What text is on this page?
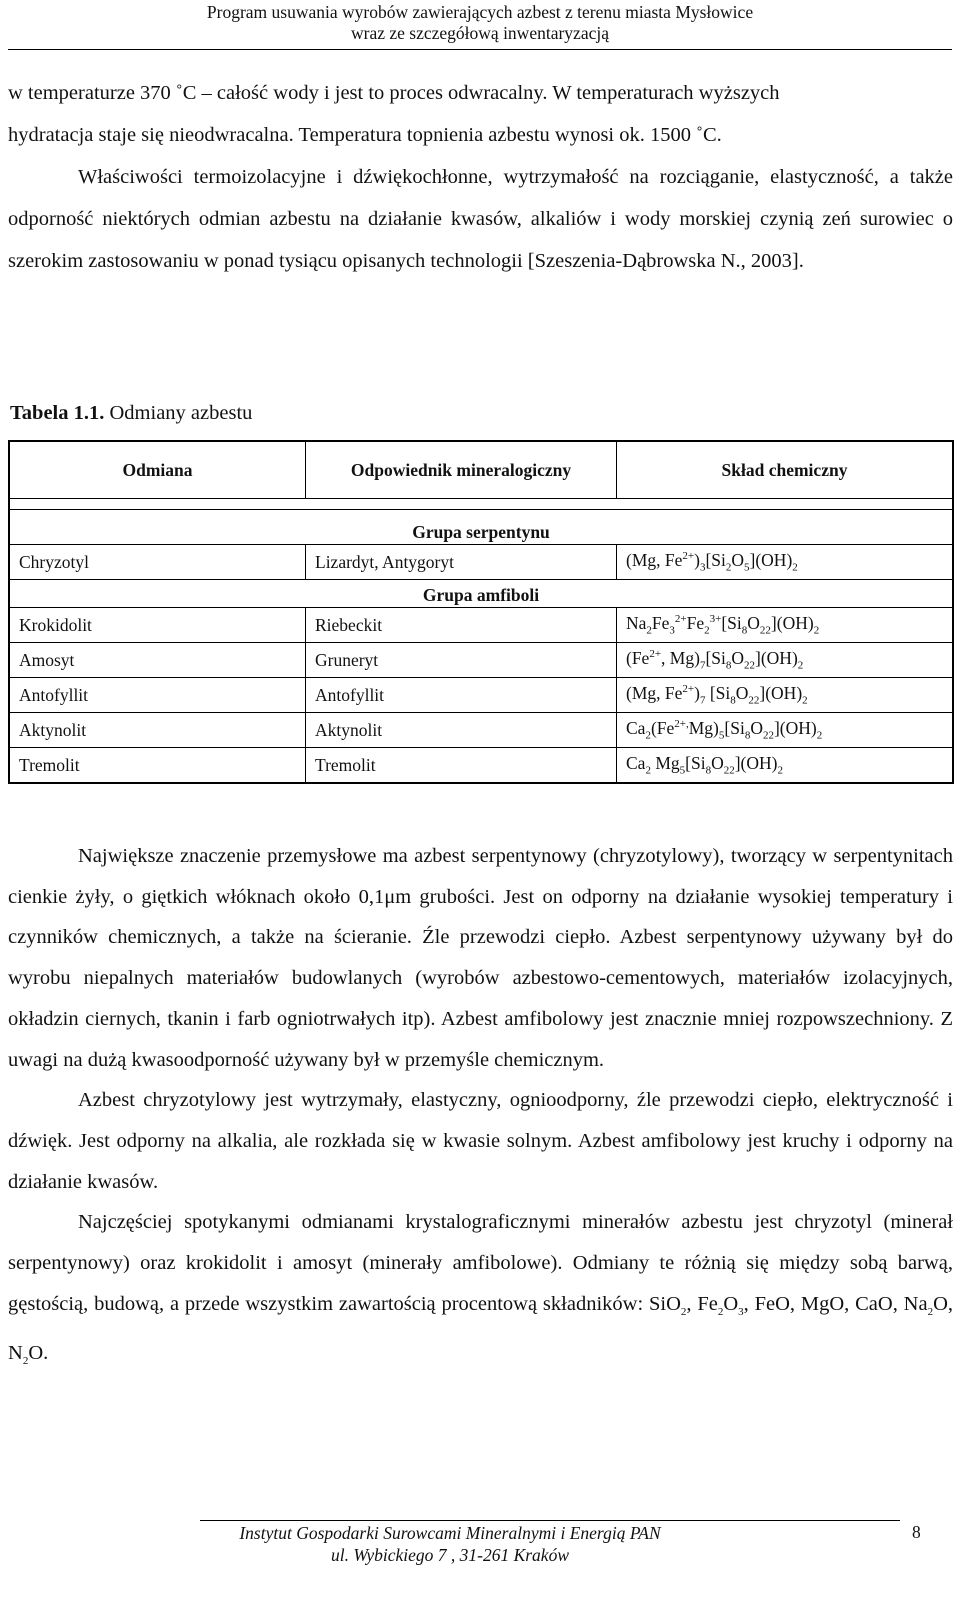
Program usuwania wyrobów zawierających azbest z terenu miasta Mysłowice
wraz ze szczegółową inwentaryzacją

w temperaturze 370 ˚C – całość wody i jest to proces odwracalny. W temperaturach wyższych

hydratacja staje się nieodwracalna. Temperatura topnienia azbestu wynosi ok. 1500 ˚C.

Właściwości termoizolacyjne i dźwiękochłonne, wytrzymałość na rozciąganie, elastyczność, a także odporność niektórych odmian azbestu na działanie kwasów, alkaliów i wody morskiej czynią zeń surowiec o szerokim zastosowaniu w ponad tysiącu opisanych technologii [Szeszenia-Dąbrowska N., 2003].

Tabela 1.1. Odmiany azbestu
Odmiana	Odpowiednik mineralogiczny	Skład chemiczny

Grupa serpentynu		
Chryzotyl	Lizardyt, Antygoryt	(Mg, $Fe^{2+})_3[Si_2O_5](OH)_2$
Grupa amfiboli		
Krokidolit	Riebeckit	$Na_2Fe_3^{2+}Fe_2^{3+}[Si_8O_{22}](OH)_2$
Amosyt	Gruneryt	($Fe^{2+}$, $Mg)_7[Si_8O_{22}](OH)_2$
Antofyllit	Antofyllit	(Mg, $Fe^{2+})_7$ $[Si_8O_{22}](OH)_2$
Aktynolit	Aktynolit	$Ca_2(Fe^{2+,}Mg)_5[Si_8O_{22}](OH)_2$
Tremolit	Tremolit	$Ca_2$ $Mg_5[Si_8O_{22}](OH)_2$

Największe znaczenie przemysłowe ma azbest serpentynowy (chryzotylowy), tworzący w serpentynitach cienkie żyły, o giętkich włóknach około 0,1μm grubości. Jest on odporny na działanie wysokiej temperatury i czynników chemicznych, a także na ścieranie. Źle przewodzi ciepło. Azbest serpentynowy używany był do wyrobu niepalnych materiałów budowlanych (wyrobów azbestowo-cementowych, materiałów izolacyjnych, okładzin ciernych, tkanin i farb ogniotrwałych itp). Azbest amfibolowy jest znacznie mniej rozpowszechniony. Z uwagi na dużą kwasoodporność używany był w przemyśle chemicznym.

Azbest chryzotylowy jest wytrzymały, elastyczny, ognioodporny, źle przewodzi ciepło, elektryczność i dźwięk. Jest odporny na alkalia, ale rozkłada się w kwasie solnym. Azbest amfibolowy jest kruchy i odporny na działanie kwasów.

Najczęściej spotykanymi odmianami krystalograficznymi minerałów azbestu jest chryzotyl (minerał serpentynowy) oraz krokidolit i amosyt (minerały amfibolowe). Odmiany te różnią się między sobą barwą, gęstością, budową, a przede wszystkim zawartością procentową składników: SiO$_2$, $Fe_2O_3$, FeO, MgO, CaO, $Na_2O$, $N_2O$.

Instytut Gospodarki Surowcami Mineralnymi i Energią PAN
ul. Wybickiego 7 , 31-261 Kraków
8
